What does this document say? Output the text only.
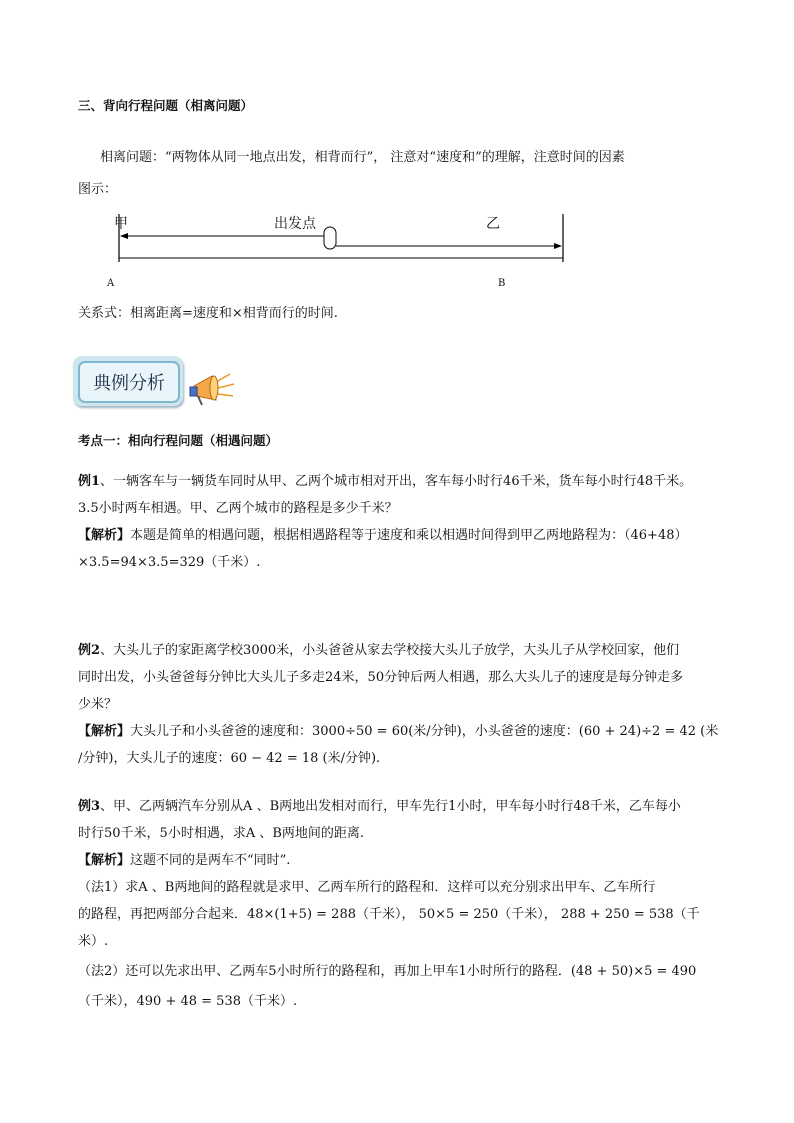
三、背向行程问题（相离问题）
相离问题：“两物体从同一地点出发，相背而行”， 注意对“速度和”的理解，注意时间的因素
图示：
甲	出发点	乙
A	B
关系式：相离距离=速度和×相背而行的时间.
典例分析
考点一：相向行程问题（相遇问题）
例1、一辆客车与一辆货车同时从甲、乙两个城市相对开出，客车每小时行46千米，货车每小时行48千米。
3.5小时两车相遇。甲、乙两个城市的路程是多少千米？
【解析】本题是简单的相遇问题，根据相遇路程等于速度和乘以相遇时间得到甲乙两地路程为：（46+48）
×3.5=94×3.5=329（千米）.
例2、大头儿子的家距离学校3000米，小头爸爸从家去学校接大头儿子放学，大头儿子从学校回家，他们
同时出发，小头爸爸每分钟比大头儿子多走24米，50分钟后两人相遇，那么大头儿子的速度是每分钟走多
少米？
【解析】大头儿子和小头爸爸的速度和：3000÷50 = 60(米/分钟)，小头爸爸的速度：(60 + 24)÷2 = 42 (米
/分钟)，大头儿子的速度：60 − 42 = 18 (米/分钟).
例3、甲、乙两辆汽车分别从A 、B两地出发相对而行，甲车先行1小时，甲车每小时行48千米，乙车每小
时行50千米，5小时相遇，求A 、B两地间的距离.
【解析】这题不同的是两车不“同时”.
（法1）求A 、B两地间的路程就是求甲、乙两车所行的路程和．这样可以充分别求出甲车、乙车所行
的路程，再把两部分合起来．48×(1+5) = 288（千米）， 50×5 = 250（千米）， 288 + 250 = 538（千
米）.
（法2）还可以先求出甲、乙两车5小时所行的路程和，再加上甲车1小时所行的路程．(48 + 50)×5 = 490
（千米），490 + 48 = 538（千米）.
